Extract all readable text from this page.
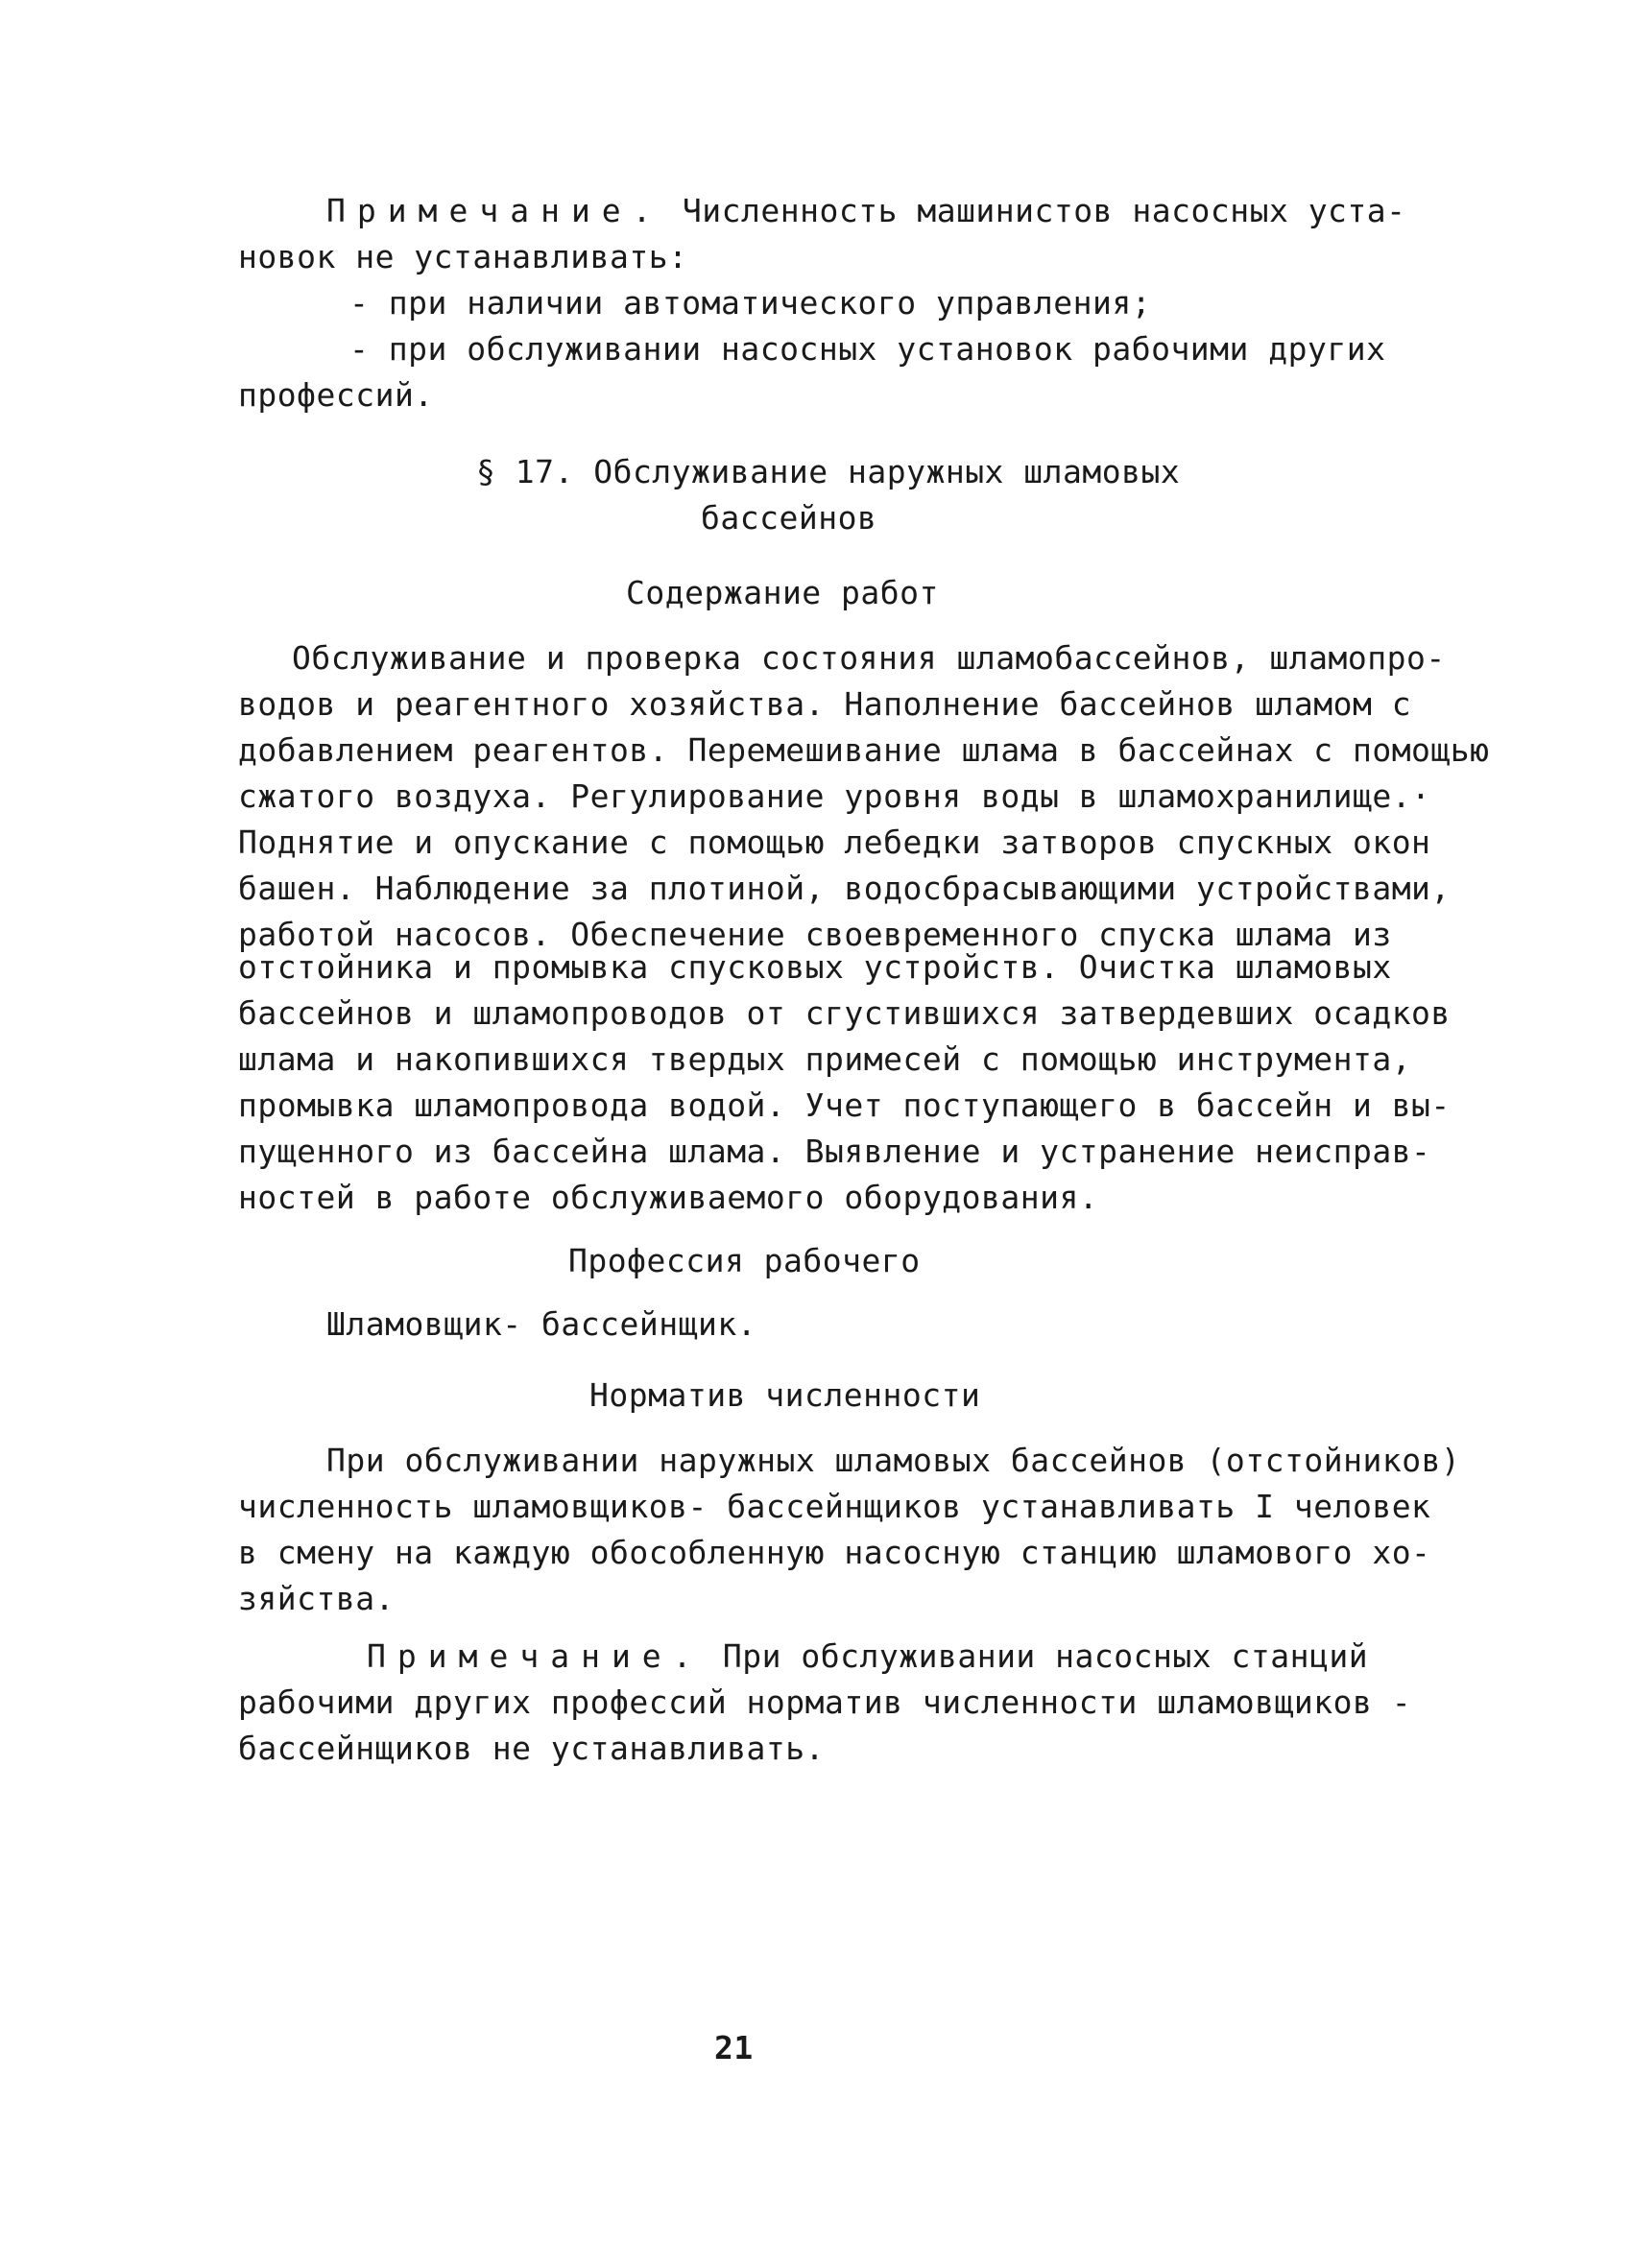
Примечание. Численность машинистов насосных уста-
новок не устанавливать:
- при наличии автоматического управления;
- при обслуживании насосных установок рабочими других
профессий.
§ 17. Обслуживание наружных шламовых
бассейнов
Содержание работ
Обслуживание и проверка состояния шламобассейнов, шламопро-
водов и реагентного хозяйства. Наполнение бассейнов шламом с
добавлением реагентов. Перемешивание шлама в бассейнах с помощью
сжатого воздуха. Регулирование уровня воды в шламохранилище.·
Поднятие и опускание с помощью лебедки затворов спускных окон
башен. Наблюдение за плотиной, водосбрасывающими устройствами,
работой насосов. Обеспечение своевременного спуска шлама из
отстойника и промывка спусковых устройств. Очистка шламовых
бассейнов и шламопроводов от сгустившихся затвердевших осадков
шлама и накопившихся твердых примесей с помощью инструмента,
промывка шламопровода водой. Учет поступающего в бассейн и вы-
пущенного из бассейна шлама. Выявление и устранение неисправ-
ностей в работе обслуживаемого оборудования.
Профессия рабочего
Шламовщик- бассейнщик.
Норматив численности
При обслуживании наружных шламовых бассейнов (отстойников)
численность шламовщиков- бассейнщиков устанавливать I человек
в смену на каждую обособленную насосную станцию шламового хо-
зяйства.
Примечание. При обслуживании насосных станций
рабочими других профессий норматив численности шламовщиков -
бассейнщиков не устанавливать.
21
